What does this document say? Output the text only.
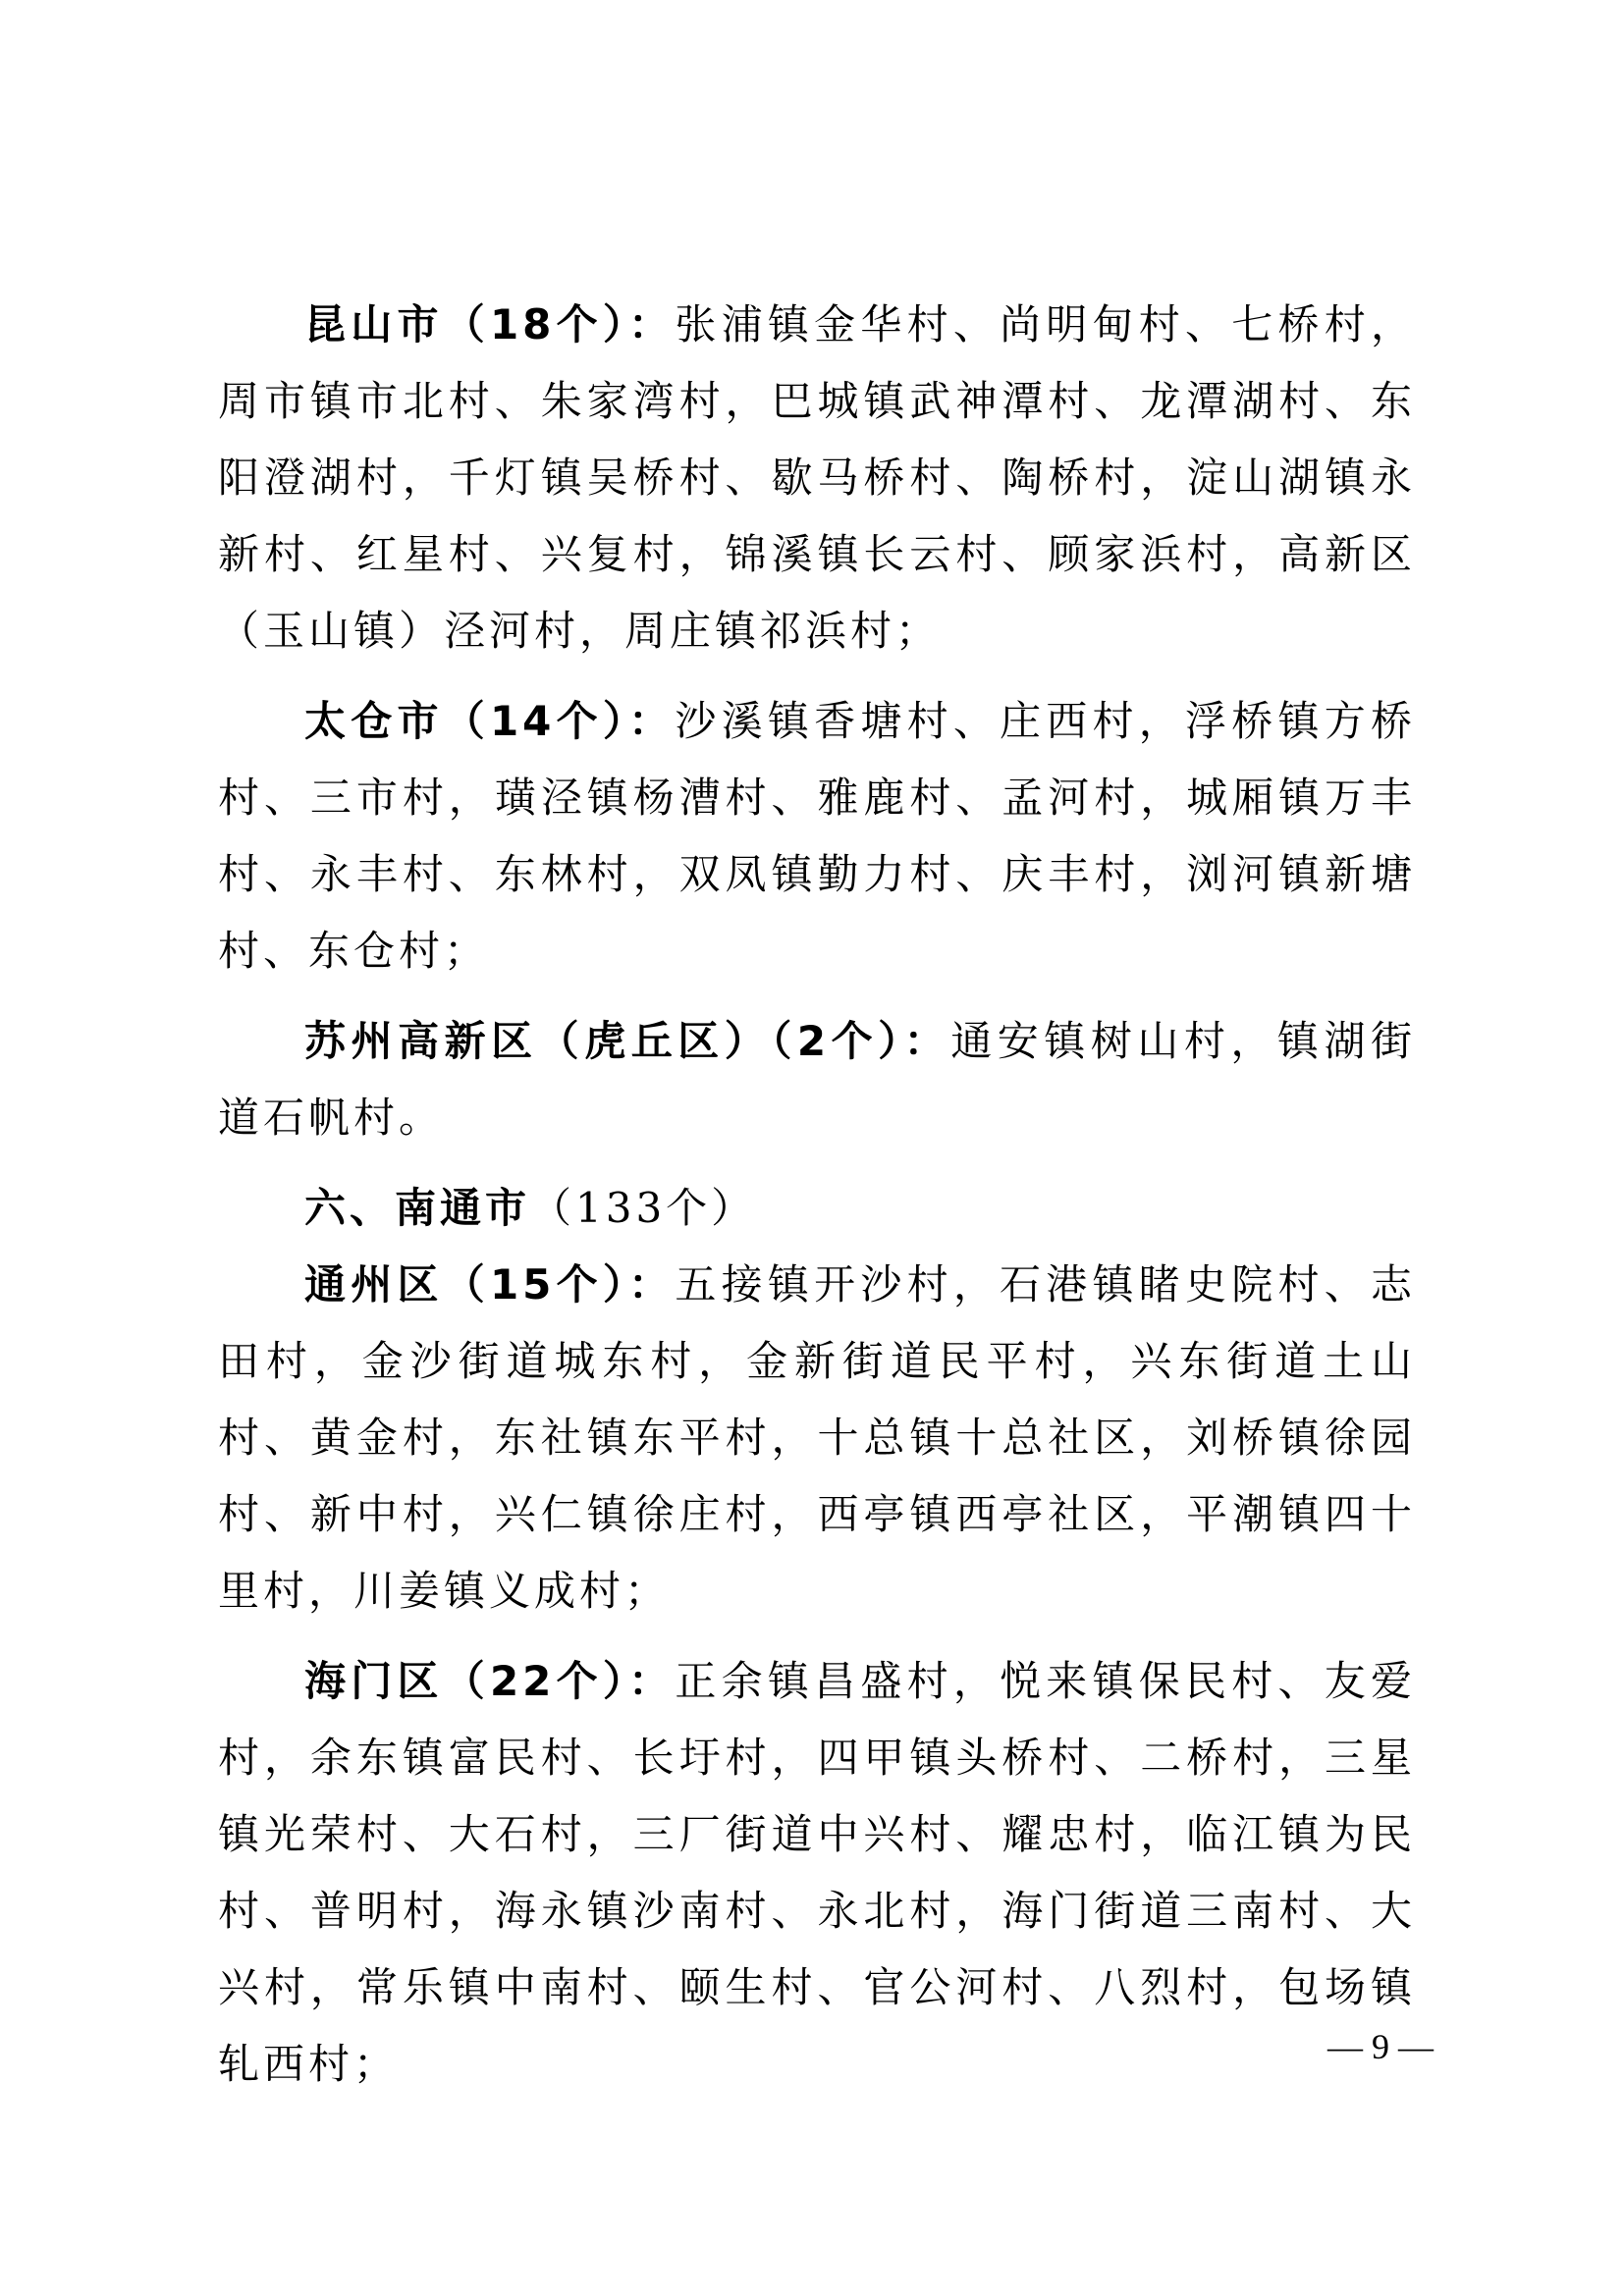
昆山市（18个）：张浦镇金华村、尚明甸村、七桥村，周市镇市北村、朱家湾村，巴城镇武神潭村、龙潭湖村、东阳澄湖村，千灯镇吴桥村、歇马桥村、陶桥村，淀山湖镇永新村、红星村、兴复村，锦溪镇长云村、顾家浜村，高新区（玉山镇）泾河村，周庄镇祁浜村；

太仓市（14个）：沙溪镇香塘村、庄西村，浮桥镇方桥村、三市村，璜泾镇杨漕村、雅鹿村、孟河村，城厢镇万丰村、永丰村、东林村，双凤镇勤力村、庆丰村，浏河镇新塘村、东仓村；

苏州高新区（虎丘区）（2个）：通安镇树山村，镇湖街道石帆村。

六、南通市（133个）

通州区（15个）：五接镇开沙村，石港镇睹史院村、志田村，金沙街道城东村，金新街道民平村，兴东街道土山村、黄金村，东社镇东平村，十总镇十总社区，刘桥镇徐园村、新中村，兴仁镇徐庄村，西亭镇西亭社区，平潮镇四十里村，川姜镇义成村；

海门区（22个）：正余镇昌盛村，悦来镇保民村、友爱村，余东镇富民村、长圩村，四甲镇头桥村、二桥村，三星镇光荣村、大石村，三厂街道中兴村、耀忠村，临江镇为民村、普明村，海永镇沙南村、永北村，海门街道三南村、大兴村，常乐镇中南村、颐生村、官公河村、八烈村，包场镇轧西村；	— 9 —
